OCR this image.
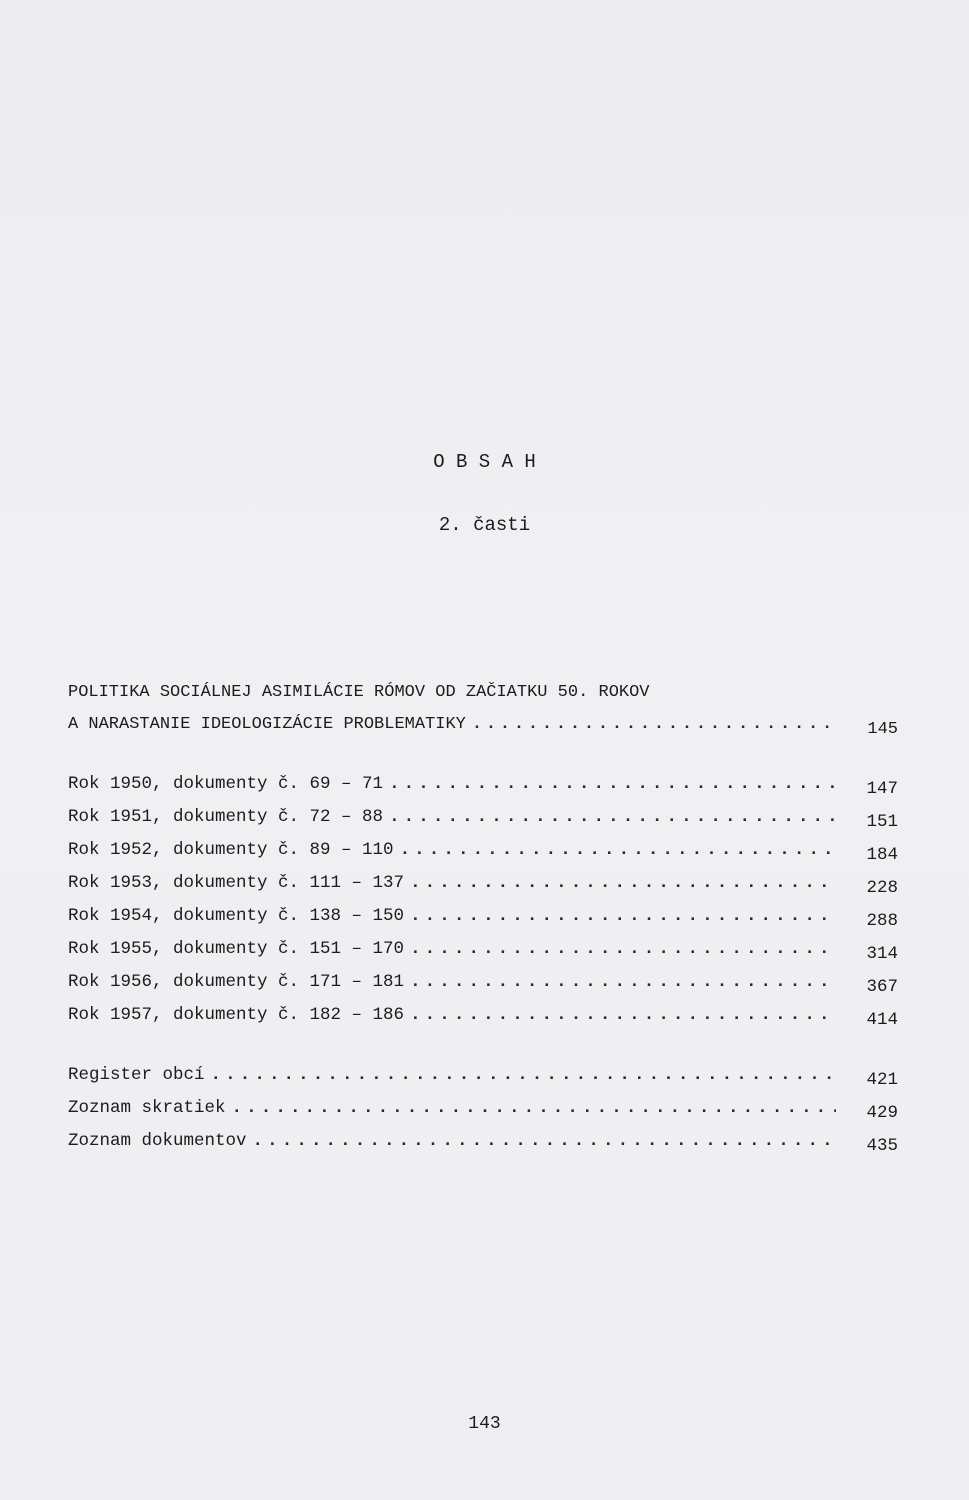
O B S A H
2. časti
POLITIKA SOCIÁLNEJ ASIMILÁCIE RÓMOV OD ZAČIATKU 50. ROKOV
A NARASTANIE IDEOLOGIZÁCIE PROBLEMATIKY . . .	145
Rok 1950, dokumenty č. 69 – 71 . . .	147
Rok 1951, dokumenty č. 72 – 88 . . .	151
Rok 1952, dokumenty č. 89 – 110 . . .	184
Rok 1953, dokumenty č. 111 – 137 . . .	228
Rok 1954, dokumenty č. 138 – 150 . . .	288
Rok 1955, dokumenty č. 151 – 170 . . .	314
Rok 1956, dokumenty č. 171 – 181 . . .	367
Rok 1957, dokumenty č. 182 – 186 . . .	414
Register obcí . . .	421
Zoznam skratiek . . .	429
Zoznam dokumentov . . .	435
143
